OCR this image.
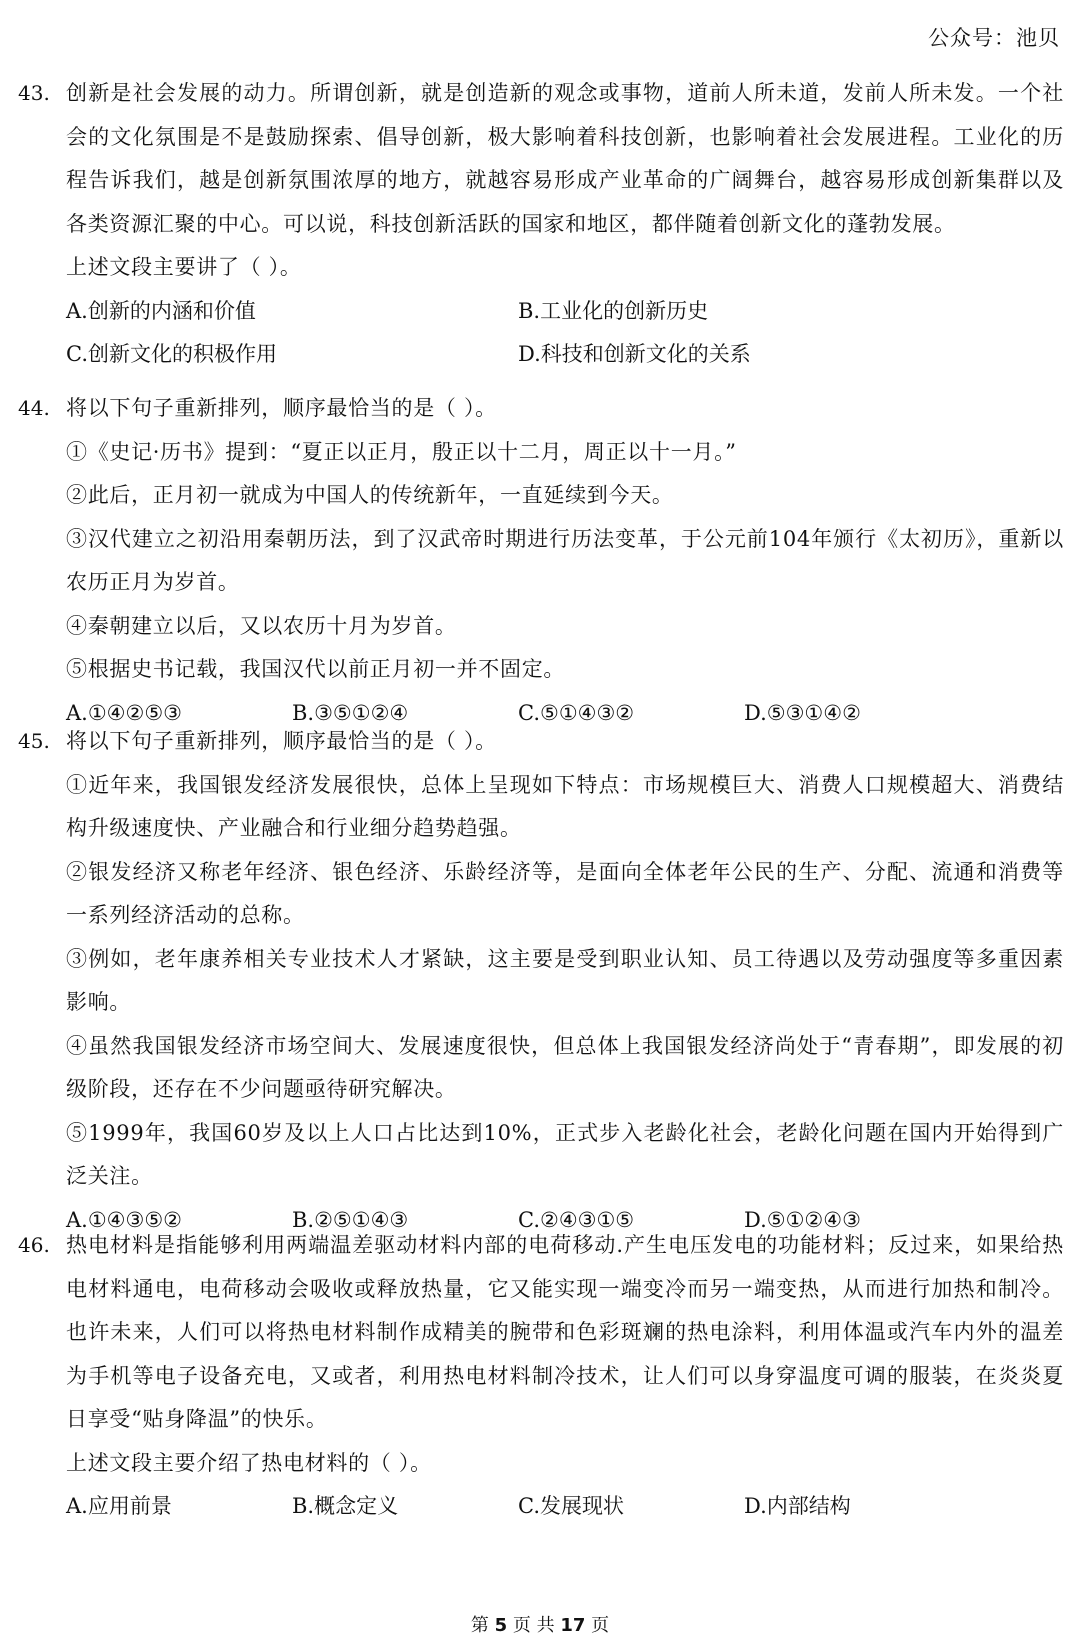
公众号：池贝
43. 创新是社会发展的动力。所谓创新，就是创造新的观念或事物，道前人所未道，发前人所未发。一个社会的文化氛围是不是鼓励探索、倡导创新，极大影响着科技创新，也影响着社会发展进程。工业化的历程告诉我们，越是创新氛围浓厚的地方，就越容易形成产业革命的广阔舞台，越容易形成创新集群以及各类资源汇聚的中心。可以说，科技创新活跃的国家和地区，都伴随着创新文化的蓬勃发展。

上述文段主要讲了（ ）。

A.创新的内涵和价值	B.工业化的创新历史
C.创新文化的积极作用	D.科技和创新文化的关系
44. 将以下句子重新排列，顺序最恰当的是（ ）。

①《史记·历书》提到：“夏正以正月，殷正以十二月，周正以十一月。”

②此后，正月初一就成为中国人的传统新年，一直延续到今天。

③汉代建立之初沿用秦朝历法，到了汉武帝时期进行历法变革，于公元前104年颁行《太初历》，重新以农历正月为岁首。

④秦朝建立以后，又以农历十月为岁首。

⑤根据史书记载，我国汉代以前正月初一并不固定。

A.①④②⑤③	B.③⑤①②④	C.⑤①④③②	D.⑤③①④②
45. 将以下句子重新排列，顺序最恰当的是（ ）。

①近年来，我国银发经济发展很快，总体上呈现如下特点：市场规模巨大、消费人口规模超大、消费结构升级速度快、产业融合和行业细分趋势趋强。

②银发经济又称老年经济、银色经济、乐龄经济等，是面向全体老年公民的生产、分配、流通和消费等一系列经济活动的总称。

③例如，老年康养相关专业技术人才紧缺，这主要是受到职业认知、员工待遇以及劳动强度等多重因素影响。

④虽然我国银发经济市场空间大、发展速度很快，但总体上我国银发经济尚处于“青春期”，即发展的初级阶段，还存在不少问题亟待研究解决。

⑤1999年，我国60岁及以上人口占比达到10%，正式步入老龄化社会，老龄化问题在国内开始得到广泛关注。

A.①④③⑤②	B.②⑤①④③	C.②④③①⑤	D.⑤①②④③
46. 热电材料是指能够利用两端温差驱动材料内部的电荷移动.产生电压发电的功能材料；反过来，如果给热电材料通电，电荷移动会吸收或释放热量，它又能实现一端变冷而另一端变热，从而进行加热和制冷。也许未来，人们可以将热电材料制作成精美的腕带和色彩斑斓的热电涂料，利用体温或汽车内外的温差为手机等电子设备充电，又或者，利用热电材料制冷技术，让人们可以身穿温度可调的服装，在炎炎夏日享受“贴身降温”的快乐。

上述文段主要介绍了热电材料的（ ）。

A.应用前景	B.概念定义	C.发展现状	D.内部结构
第 5 页 共 17 页
